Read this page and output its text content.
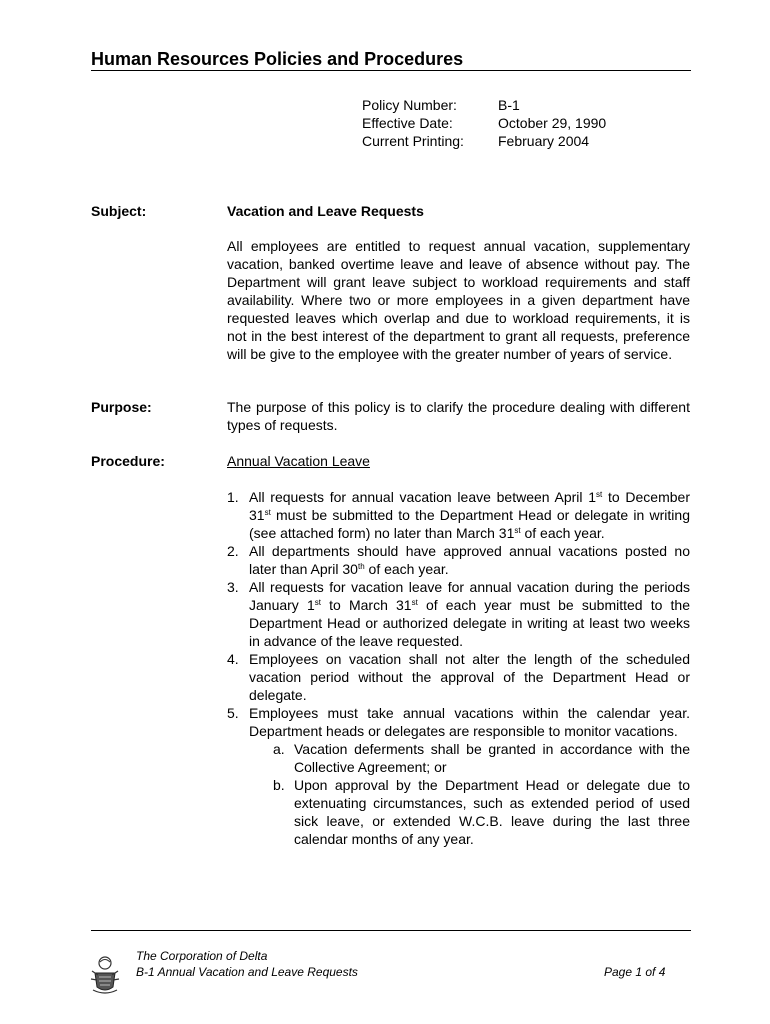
Human Resources Policies and Procedures
Policy Number:	B-1
Effective Date:	October 29, 1990
Current Printing:	February 2004
Subject:	Vacation and Leave Requests
All employees are entitled to request annual vacation, supplementary vacation, banked overtime leave and leave of absence without pay. The Department will grant leave subject to workload requirements and staff availability. Where two or more employees in a given department have requested leaves which overlap and due to workload requirements, it is not in the best interest of the department to grant all requests, preference will be give to the employee with the greater number of years of service.
Purpose:	The purpose of this policy is to clarify the procedure dealing with different types of requests.
Procedure:	Annual Vacation Leave
1. All requests for annual vacation leave between April 1st to December 31st must be submitted to the Department Head or delegate in writing (see attached form) no later than March 31st of each year.
2. All departments should have approved annual vacations posted no later than April 30th of each year.
3. All requests for vacation leave for annual vacation during the periods January 1st to March 31st of each year must be submitted to the Department Head or authorized delegate in writing at least two weeks in advance of the leave requested.
4. Employees on vacation shall not alter the length of the scheduled vacation period without the approval of the Department Head or delegate.
5. Employees must take annual vacations within the calendar year. Department heads or delegates are responsible to monitor vacations.
a. Vacation deferments shall be granted in accordance with the Collective Agreement; or
b. Upon approval by the Department Head or delegate due to extenuating circumstances, such as extended period of used sick leave, or extended W.C.B. leave during the last three calendar months of any year.
The Corporation of Delta
B-1 Annual Vacation and Leave Requests	Page 1 of 4
